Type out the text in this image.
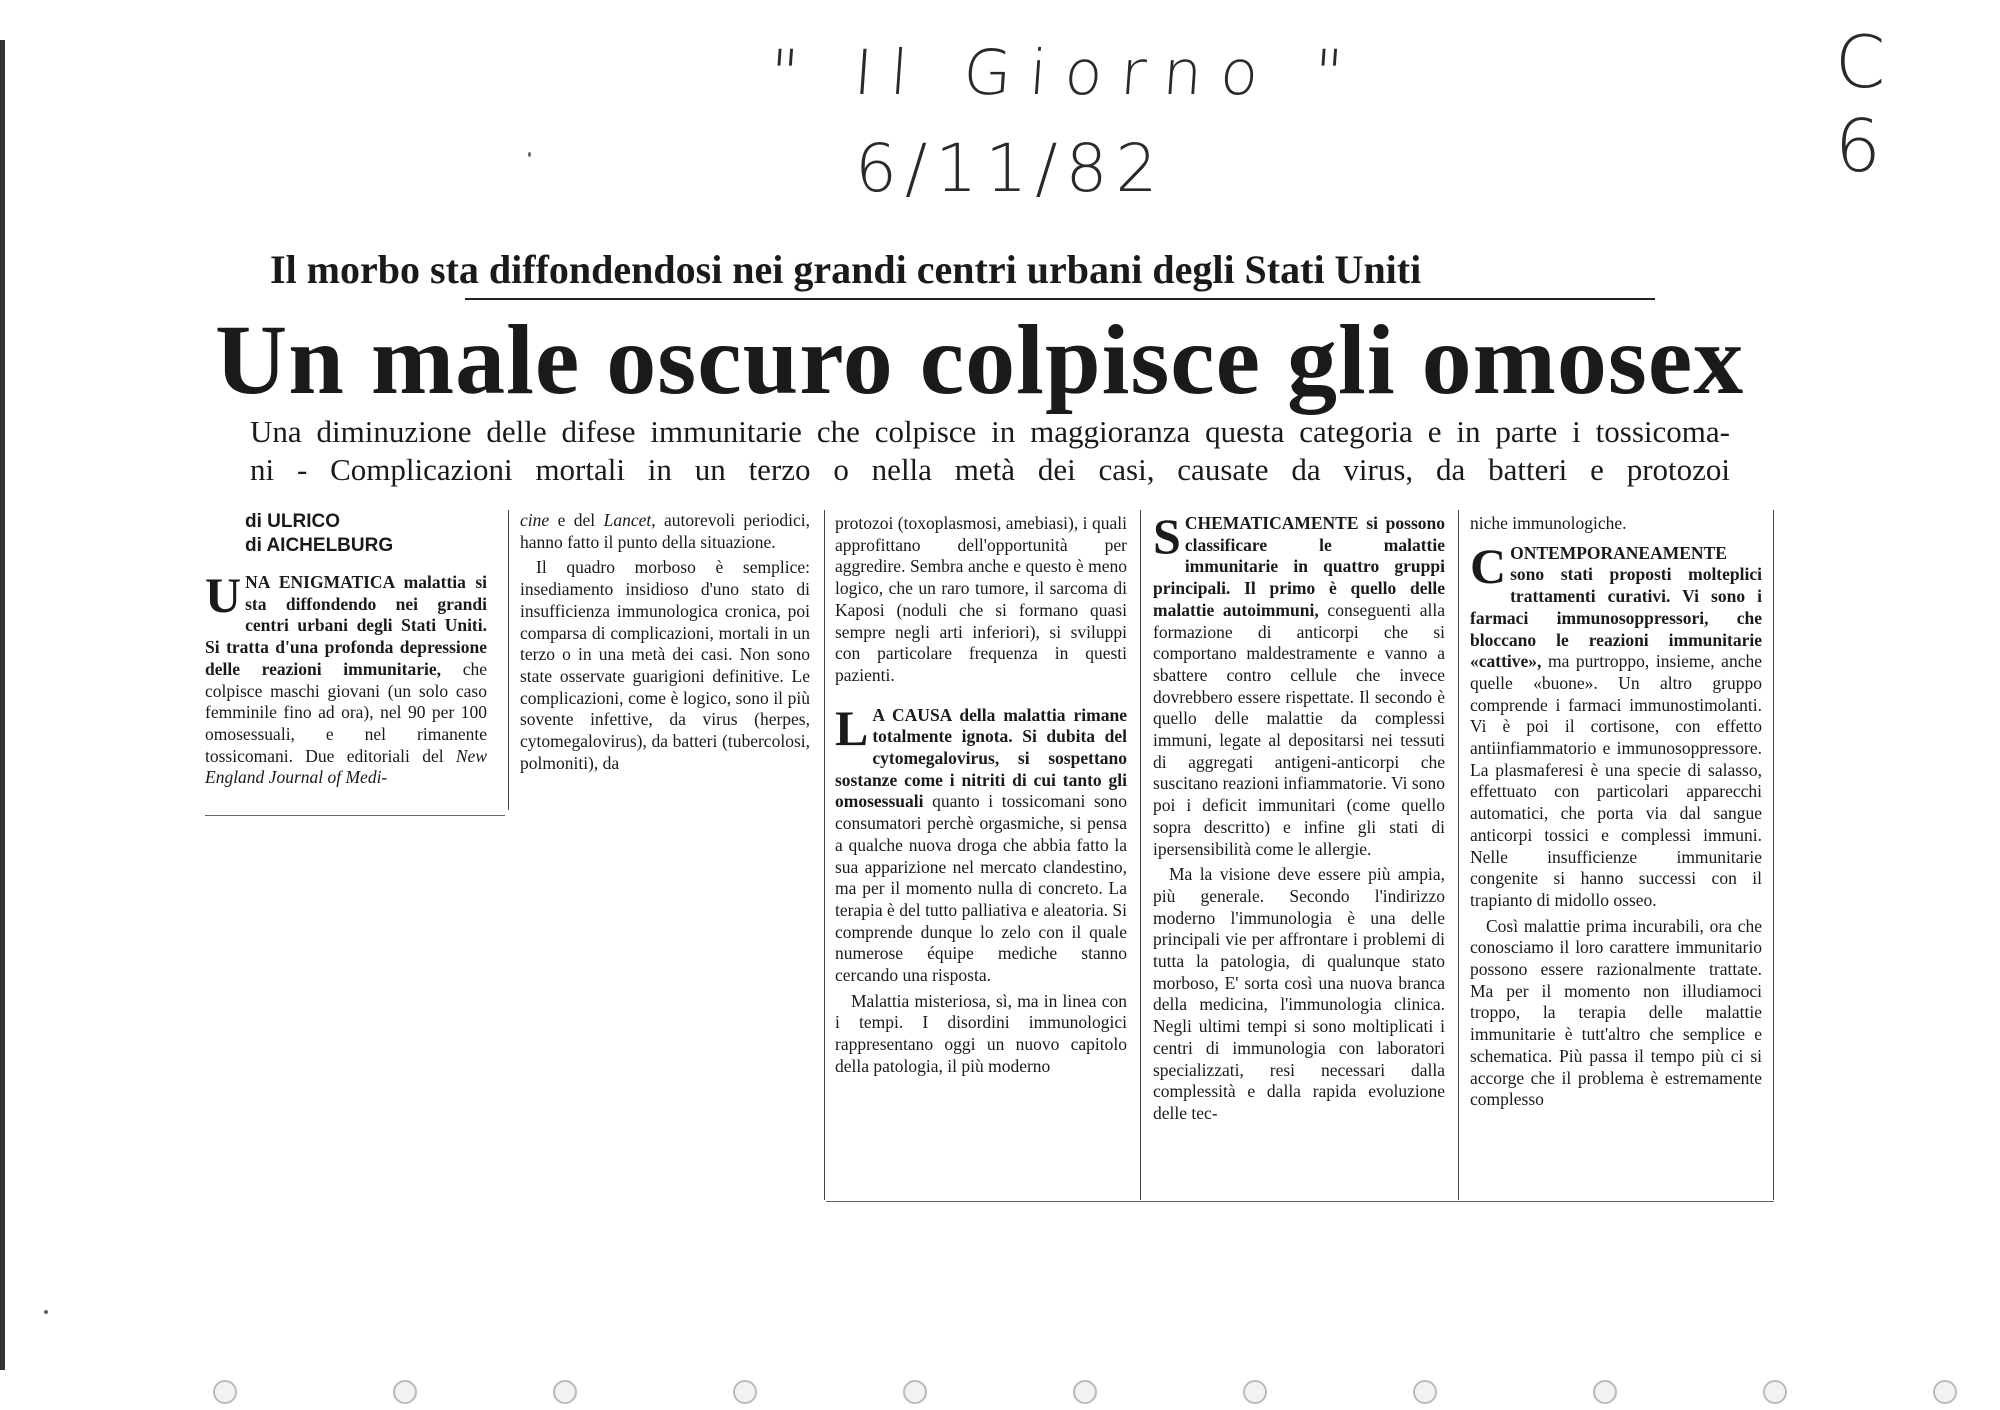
" Il Giorno "
6/11/82
C 6
Il morbo sta diffondendosi nei grandi centri urbani degli Stati Uniti
Un male oscuro colpisce gli omosex
Una diminuzione delle difese immunitarie che colpisce in maggioranza questa categoria e in parte i tossicoma-
ni - Complicazioni mortali in un terzo o nella metà dei casi, causate da virus, da batteri e protozoi
di ULRICO
di AICHELBURG

UNA ENIGMATICA malattia si sta diffondendo nei grandi centri urbani degli Stati Uniti. Si tratta d'una profonda depressione delle reazioni immunitarie, che colpisce maschi giovani (un solo caso femminile fino ad ora), nel 90 per 100 omosessuali, e nel rimanente tossicomani. Due editoriali del New England Journal of Medi-

cine e del Lancet, autorevoli periodici, hanno fatto il punto della situazione.

Il quadro morboso è semplice: insediamento insidioso d'uno stato di insufficienza immunologica cronica, poi comparsa di complicazioni, mortali in un terzo o in una metà dei casi. Non sono state osservate guarigioni definitive. Le complicazioni, come è logico, sono il più sovente infettive, da virus (herpes, cytomegalovirus), da batteri (tubercolosi, polmoniti), da

protozoi (toxoplasmosi, amebiasi), i quali approfittano dell'opportunità per aggredire. Sembra anche e questo è meno logico, che un raro tumore, il sarcoma di Kaposi (noduli che si formano quasi sempre negli arti inferiori), si sviluppi con particolare frequenza in questi pazienti.

L A CAUSA della malattia rimane totalmente ignota. Si dubita del cytomegalovirus, si sospettano sostanze come i nitriti di cui tanto gli omosessuali quanto i tossicomani sono consumatori perchè orgasmiche, si pensa a qualche nuova droga che abbia fatto la sua apparizione nel mercato clandestino, ma per il momento nulla di concreto. La terapia è del tutto palliativa e aleatoria. Si comprende dunque lo zelo con il quale numerose équipe mediche stanno cercando una risposta.

Malattia misteriosa, sì, ma in linea con i tempi. I disordini immunologici rappresentano oggi un nuovo capitolo della patologia, il più moderno

SCHEMATICAMENTE si possono classificare le malattie immunitarie in quattro gruppi principali. Il primo è quello delle malattie autoimmuni, conseguenti alla formazione di anticorpi che si comportano maldestramente e vanno a sbattere contro cellule che invece dovrebbero essere rispettate. Il secondo è quello delle malattie da complessi immuni, legate al depositarsi nei tessuti di aggregati antigeni-anticorpi che suscitano reazioni infiammatorie. Vi sono poi i deficit immunitari (come quello sopra descritto) e infine gli stati di ipersensibilità come le allergie.

Ma la visione deve essere più ampia, più generale. Secondo l'indirizzo moderno l'immunologia è una delle principali vie per affrontare i problemi di tutta la patologia, di qualunque stato morboso, E' sorta così una nuova branca della medicina, l'immunologia clinica. Negli ultimi tempi si sono moltiplicati i centri di immunologia con laboratori specializzati, resi necessari dalla complessità e dalla rapida evoluzione delle tec-

niche immunologiche.

CONTEMPORANEAMENTE sono stati proposti molteplici trattamenti curativi. Vi sono i farmaci immunosoppressori, che bloccano le reazioni immunitarie «cattive», ma purtroppo, insieme, anche quelle «buone». Un altro gruppo comprende i farmaci immunostimolanti. Vi è poi il cortisone, con effetto antiinfiammatorio e immunosoppressore. La plasmaferesi è una specie di salasso, effettuato con particolari apparecchi automatici, che porta via dal sangue anticorpi tossici e complessi immuni. Nelle insufficienze immunitarie congenite si hanno successi con il trapianto di midollo osseo.

Così malattie prima incurabili, ora che conosciamo il loro carattere immunitario possono essere razionalmente trattate. Ma per il momento non illudiamoci troppo, la terapia delle malattie immunitarie è tutt'altro che semplice e schematica. Più passa il tempo più ci si accorge che il problema è estremamente complesso
